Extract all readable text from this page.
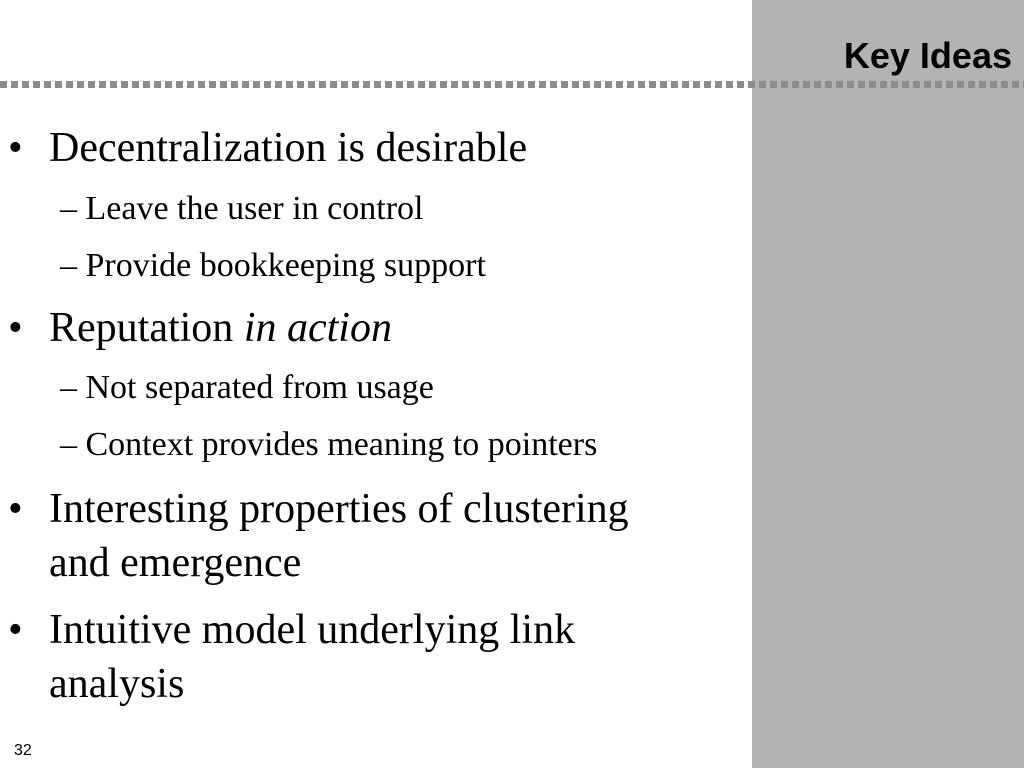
Key Ideas
• Decentralization is desirable
– Leave the user in control
– Provide bookkeeping support
• Reputation in action
– Not separated from usage
– Context provides meaning to pointers
• Interesting properties of clustering
and emergence
• Intuitive model underlying link
analysis
32
